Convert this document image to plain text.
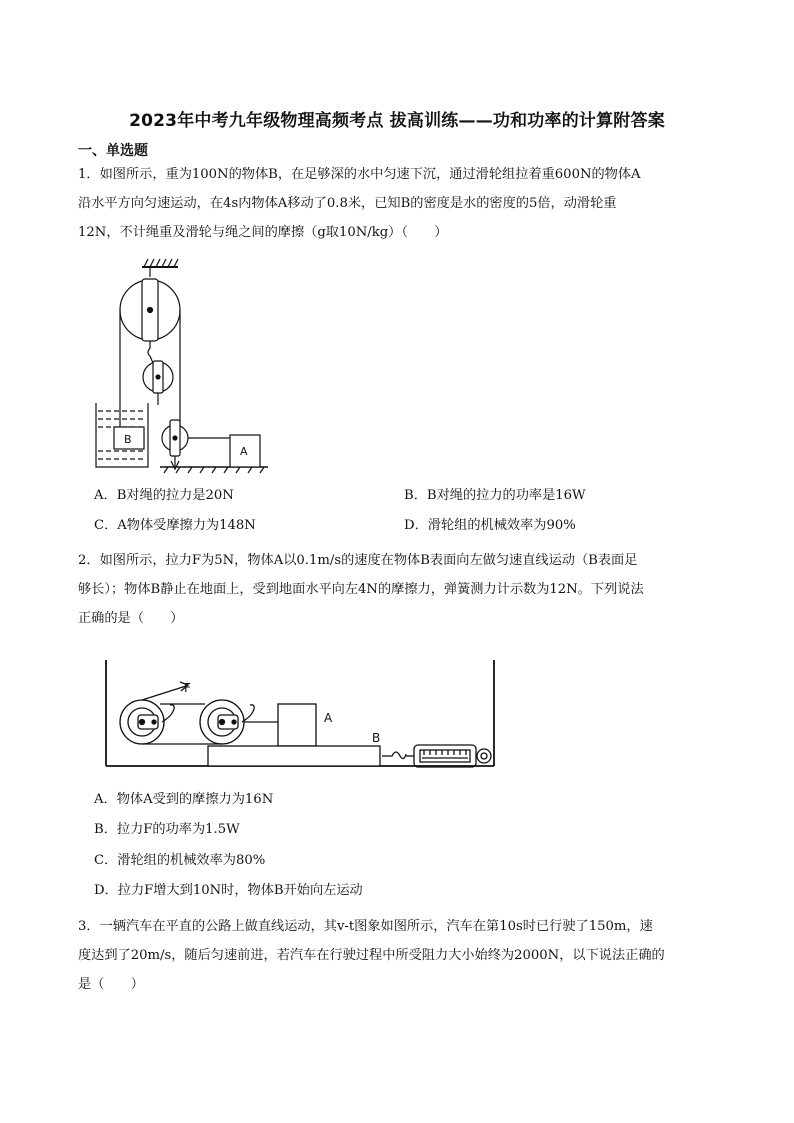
2023年中考九年级物理高频考点 拔高训练——功和功率的计算附答案
一、单选题
1．如图所示，重为100N的物体B，在足够深的水中匀速下沉，通过滑轮组拉着重600N的物体A
沿水平方向匀速运动，在4s内物体A移动了0.8米，已知B的密度是水的密度的5倍，动滑轮重
12N，不计绳重及滑轮与绳之间的摩擦（g取10N/kg）（　　）
B
A
A．B对绳的拉力是20N	B．B对绳的拉力的功率是16W
C．A物体受摩擦力为148N	D．滑轮组的机械效率为90%
2．如图所示，拉力F为5N，物体A以0.1m/s的速度在物体B表面向左做匀速直线运动（B表面足
够长）；物体B静止在地面上，受到地面水平向左4N的摩擦力，弹簧测力计示数为12N。下列说法
正确的是（　　）
F
A
B
A．物体A受到的摩擦力为16N
B．拉力F的功率为1.5W
C．滑轮组的机械效率为80%
D．拉力F增大到10N时，物体B开始向左运动
3．一辆汽车在平直的公路上做直线运动，其v-t图象如图所示，汽车在第10s时已行驶了150m，速
度达到了20m/s，随后匀速前进，若汽车在行驶过程中所受阻力大小始终为2000N，以下说法正确的
是（　　）
